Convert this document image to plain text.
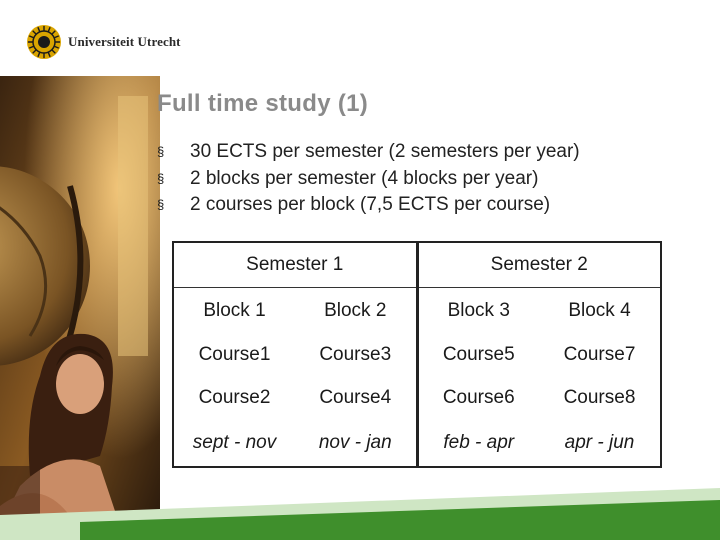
Universiteit Utrecht
Full time study (1)
§ 30 ECTS per semester (2 semesters per year)
§ 2 blocks per semester (4 blocks per year)
§ 2 courses per block (7,5 ECTS per course)
Semester 1		Semester 2	
Block 1	Block 2	Block 3	Block 4
Course1	Course3	Course5	Course7
Course2	Course4	Course6	Course8
sept - nov	nov - jan	feb - apr	apr - jun
